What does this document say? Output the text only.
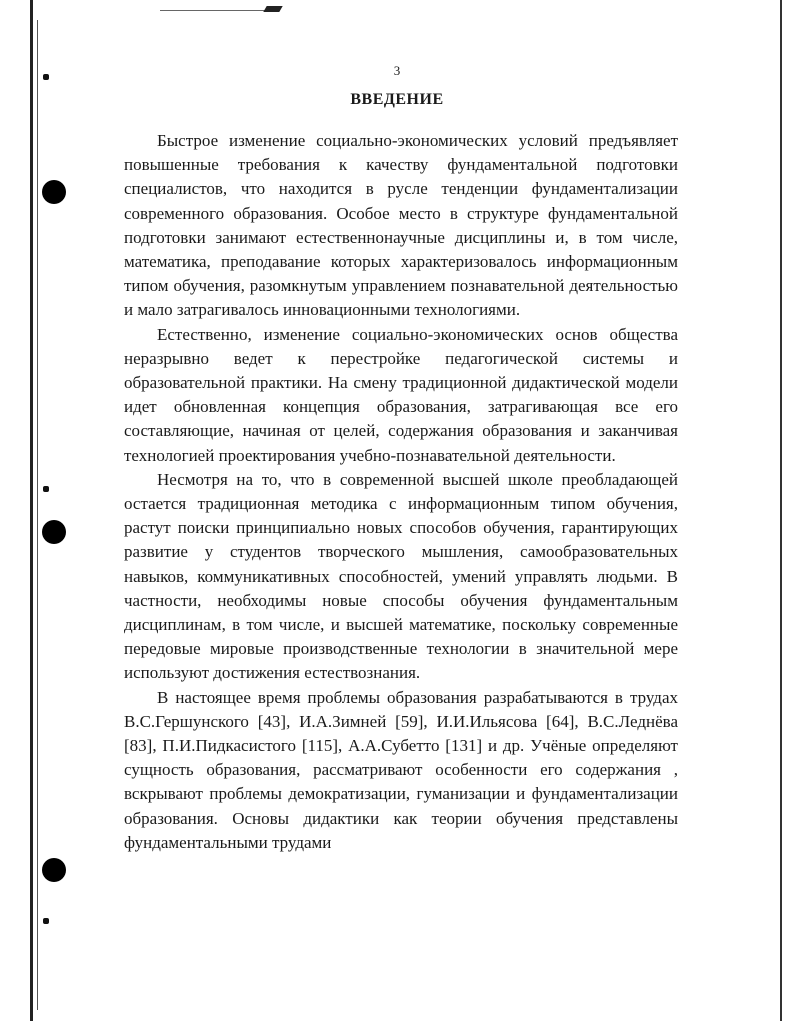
3
ВВЕДЕНИЕ

Быстрое изменение социально-экономических условий предъявляет повышенные требования к качеству фундаментальной подготовки специалистов, что находится в русле тенденции фундаментализации современного образования. Особое место в структуре фундаментальной подготовки занимают естественнонаучные дисциплины и, в том числе, математика, преподавание которых характеризовалось информационным типом обучения, разомкнутым управлением познавательной деятельностью и мало затрагивалось инновационными технологиями.

Естественно, изменение социально-экономических основ общества неразрывно ведет к перестройке педагогической системы и образовательной практики. На смену традиционной дидактической модели идет обновленная концепция образования, затрагивающая все его составляющие, начиная от целей, содержания образования и заканчивая технологией проектирования учебно-познавательной деятельности.

Несмотря на то, что в современной высшей школе преобладающей остается традиционная методика с информационным типом обучения, растут поиски принципиально новых способов обучения, гарантирующих развитие у студентов творческого мышления, самообразовательных навыков, коммуникативных способностей, умений управлять людьми. В частности, необходимы новые способы обучения фундаментальным дисциплинам, в том числе, и высшей математике, поскольку современные передовые мировые производственные технологии в значительной мере используют достижения естествознания.

В настоящее время проблемы образования разрабатываются в трудах В.С.Гершунского [43], И.А.Зимней [59], И.И.Ильясова [64], В.С.Леднёва [83], П.И.Пидкасистого [115], А.А.Субетто [131] и др. Учёные определяют сущность образования, рассматривают особенности его содержания , вскрывают проблемы демократизации, гуманизации и фундаментализации образования. Основы дидактики как теории обучения представлены фундаментальными трудами
